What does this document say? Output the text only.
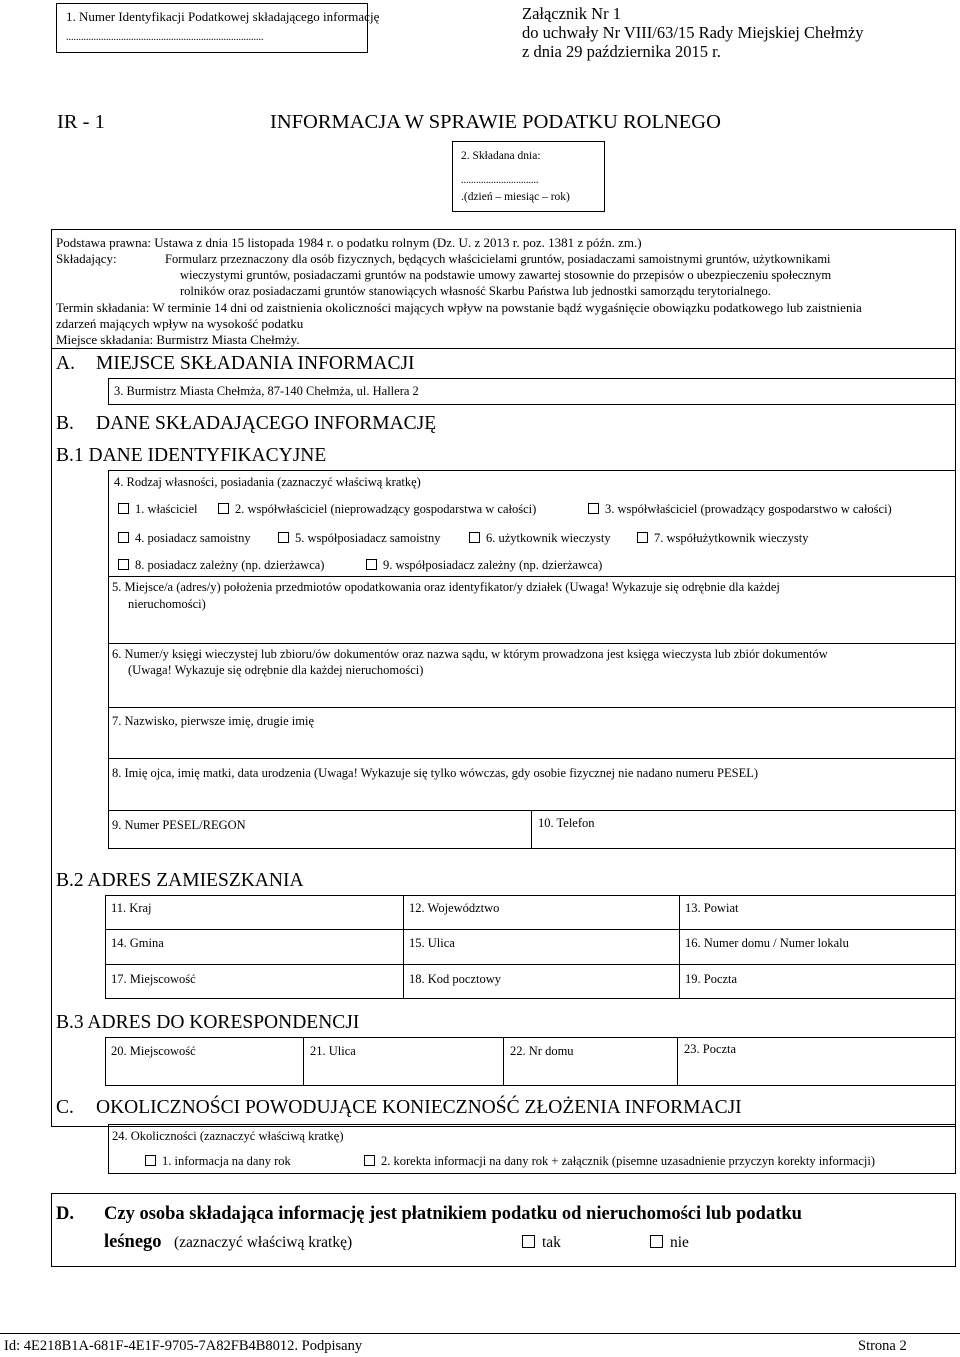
1. Numer Identyfikacji Podatkowej składającego informację
...............................................................................
Załącznik Nr 1
do uchwały Nr VIII/63/15 Rady Miejskiej Chełmży
z dnia 29 października 2015 r.
IR - 1	INFORMACJA W SPRAWIE PODATKU ROLNEGO
2. Składana dnia:
...............................
.(dzień – miesiąc – rok)
Podstawa prawna: Ustawa z dnia 15 listopada 1984 r. o podatku rolnym (Dz. U. z 2013 r. poz. 1381 z późn. zm.)
Składający:	Formularz przeznaczony dla osób fizycznych, będących właścicielami gruntów, posiadaczami samoistnymi gruntów, użytkownikami
wieczystymi gruntów, posiadaczami gruntów na podstawie umowy zawartej stosownie do przepisów o ubezpieczeniu społecznym
rolników oraz posiadaczami gruntów stanowiących własność Skarbu Państwa lub jednostki samorządu terytorialnego.
Termin składania: W terminie 14 dni od zaistnienia okoliczności mających wpływ na powstanie bądź wygaśnięcie obowiązku podatkowego lub zaistnienia
zdarzeń mających wpływ na wysokość podatku
Miejsce składania: Burmistrz Miasta Chełmży.
A. MIEJSCE SKŁADANIA INFORMACJI
3. Burmistrz Miasta Chełmża, 87-140 Chełmża, ul. Hallera 2
B. DANE SKŁADAJĄCEGO INFORMACJĘ
B.1 DANE IDENTYFIKACYJNE
4. Rodzaj własności, posiadania (zaznaczyć właściwą kratkę)
1. właściciel	2. współwłaściciel (nieprowadzący gospodarstwa w całości)	3. współwłaściciel (prowadzący gospodarstwo w całości)
4. posiadacz samoistny	5. współposiadacz samoistny	6. użytkownik wieczysty	7. współużytkownik wieczysty
8. posiadacz zależny (np. dzierżawca)	9. współposiadacz zależny (np. dzierżawca)
5. Miejsce/a (adres/y) położenia przedmiotów opodatkowania oraz identyfikator/y działek (Uwaga! Wykazuje się odrębnie dla każdej
nieruchomości)
6. Numer/y księgi wieczystej lub zbioru/ów dokumentów oraz nazwa sądu, w którym prowadzona jest księga wieczysta lub zbiór dokumentów
(Uwaga! Wykazuje się odrębnie dla każdej nieruchomości)
7. Nazwisko, pierwsze imię, drugie imię
8. Imię ojca, imię matki, data urodzenia (Uwaga! Wykazuje się tylko wówczas, gdy osobie fizycznej nie nadano numeru PESEL)
9. Numer PESEL/REGON	10. Telefon
B.2 ADRES ZAMIESZKANIA
11. Kraj	12. Województwo	13. Powiat
14. Gmina	15. Ulica	16. Numer domu / Numer lokalu
17. Miejscowość	18. Kod pocztowy	19. Poczta
B.3 ADRES DO KORESPONDENCJI
20. Miejscowość	21. Ulica	22. Nr domu	23. Poczta
C. OKOLICZNOŚCI POWODUJĄCE KONIECZNOŚĆ ZŁOŻENIA INFORMACJI
24. Okoliczności (zaznaczyć właściwą kratkę)
1. informacja na dany rok	2. korekta informacji na dany rok + załącznik (pisemne uzasadnienie przyczyn korekty informacji)
D. Czy osoba składająca informację jest płatnikiem podatku od nieruchomości lub podatku
leśnego (zaznaczyć właściwą kratkę)	tak	nie
Id: 4E218B1A-681F-4E1F-9705-7A82FB4B8012. Podpisany	Strona 2
